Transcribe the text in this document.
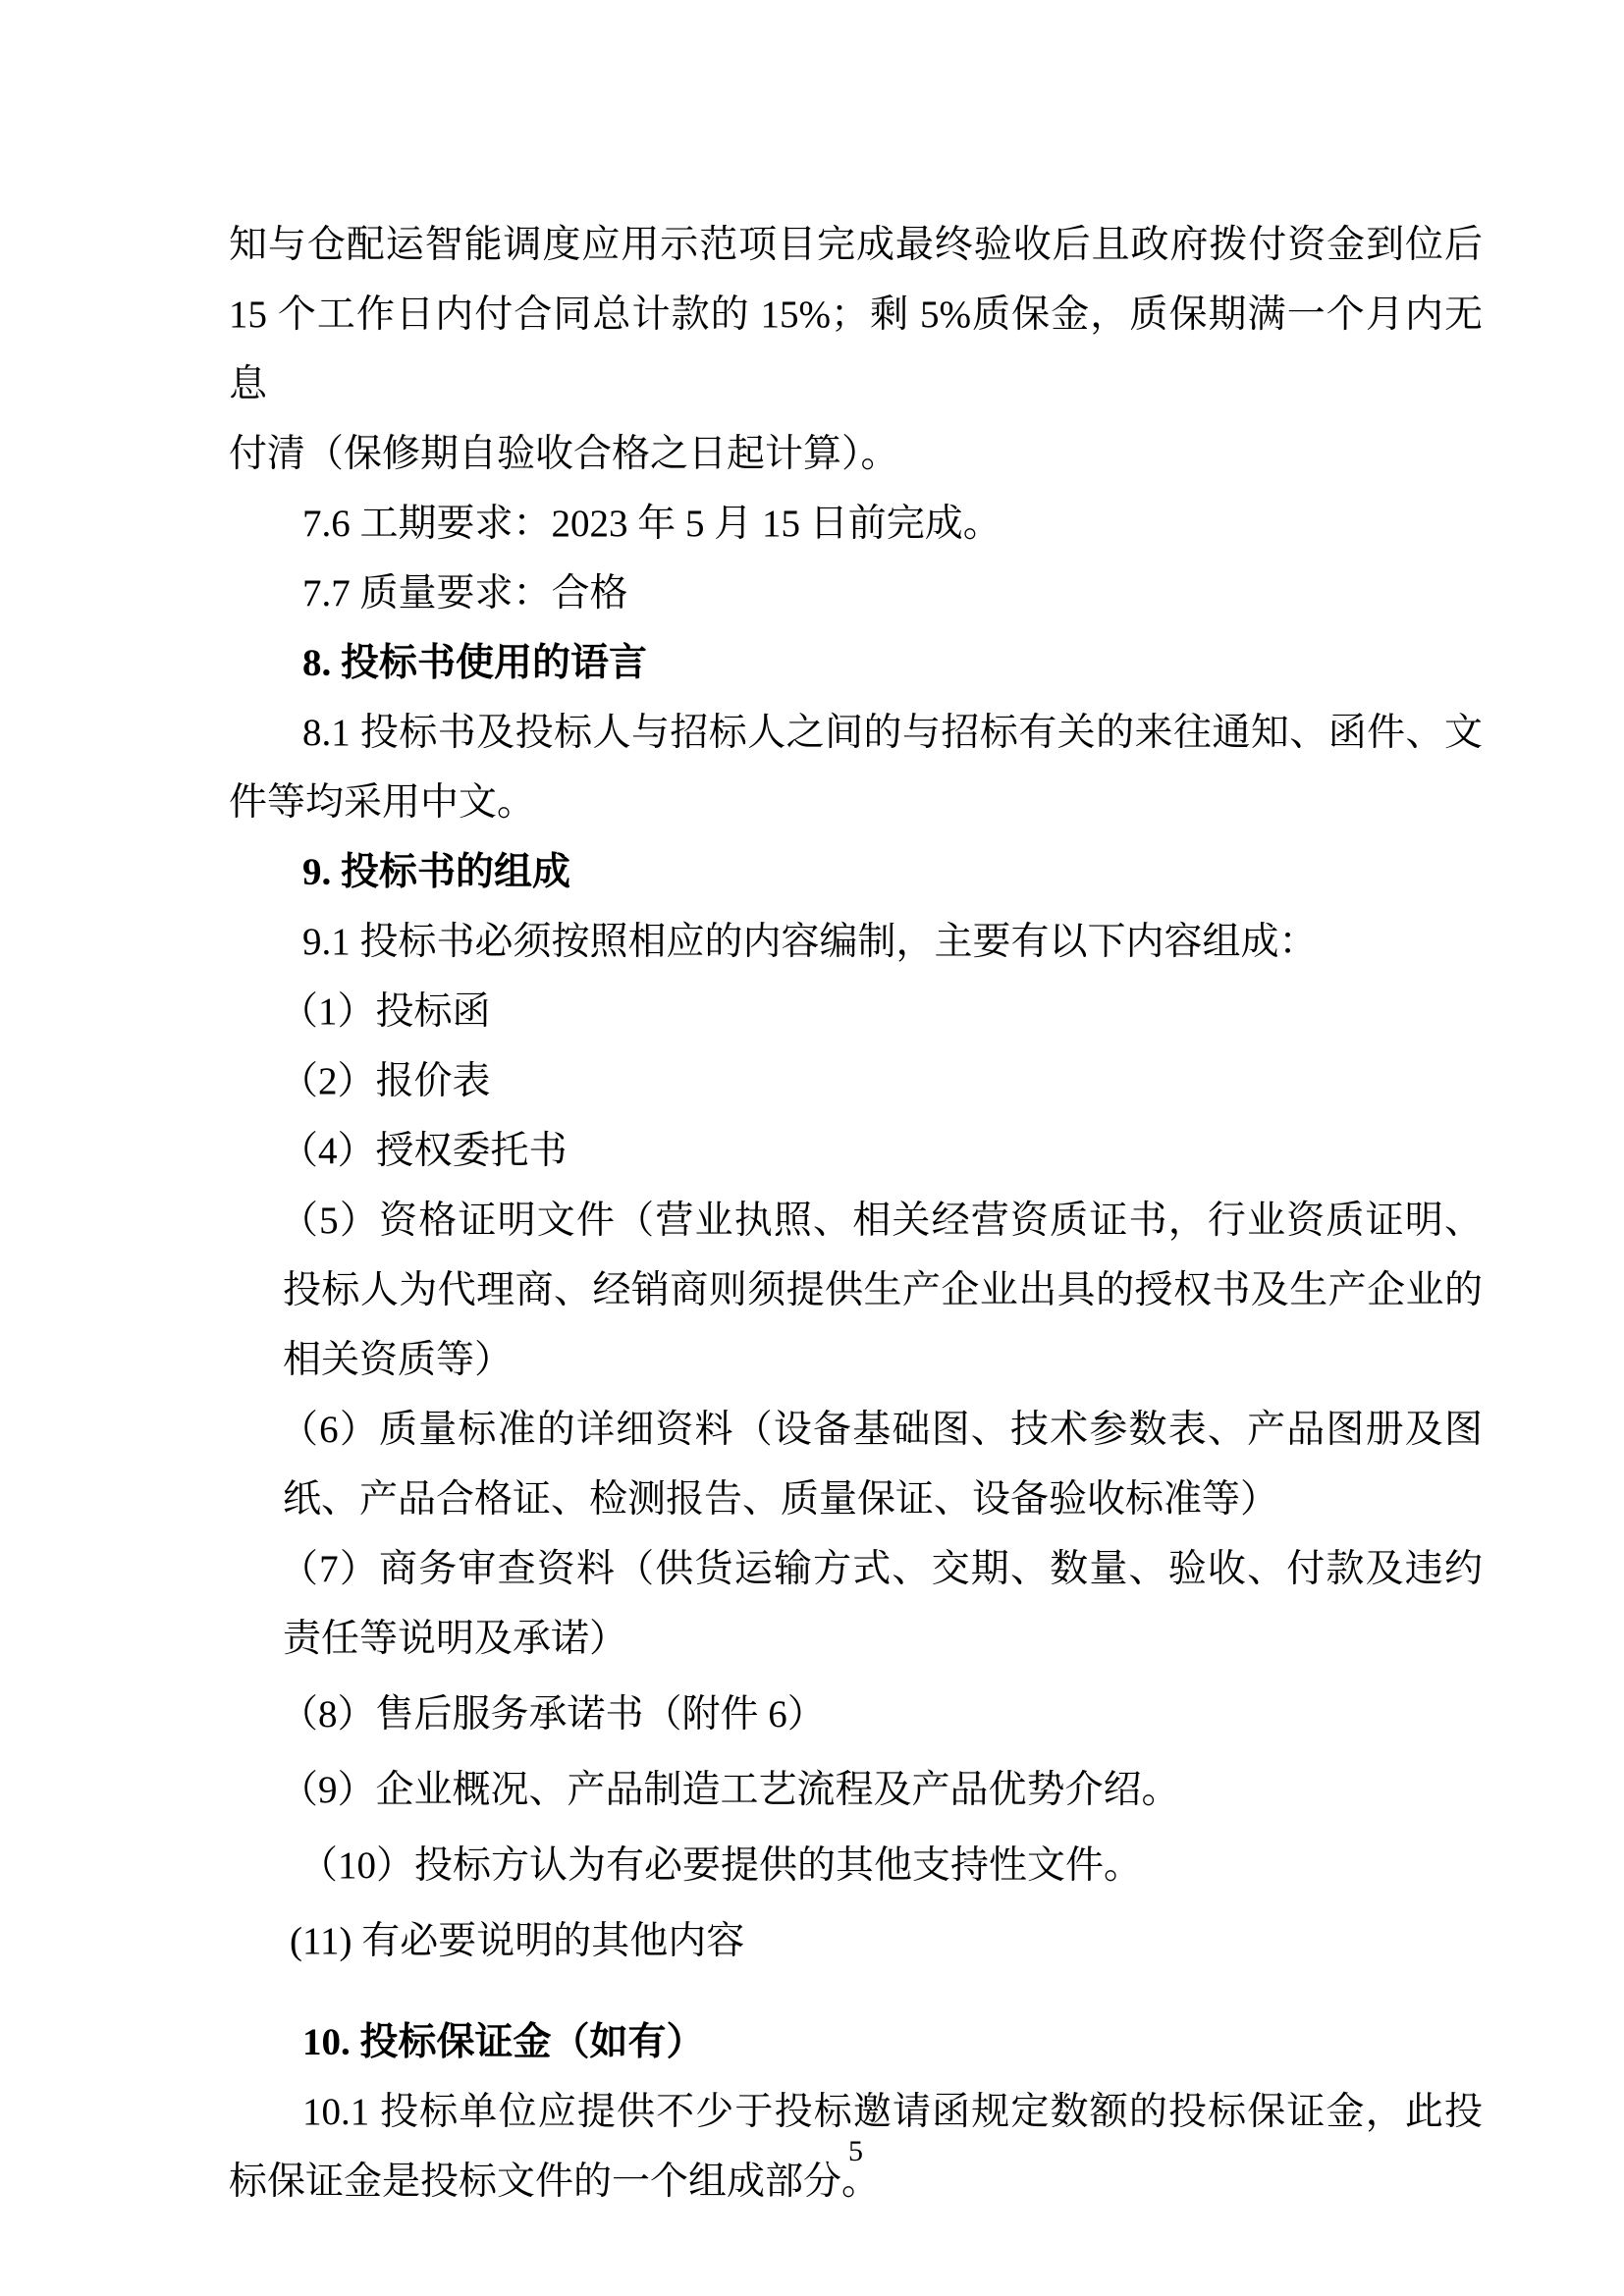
知与仓配运智能调度应用示范项目完成最终验收后且政府拨付资金到位后
15 个工作日内付合同总计款的 15%；剩 5%质保金，质保期满一个月内无息
付清（保修期自验收合格之日起计算）。
7.6 工期要求：2023 年 5 月 15 日前完成。
7.7 质量要求：合格
8. 投标书使用的语言
8.1 投标书及投标人与招标人之间的与招标有关的来往通知、函件、文
件等均采用中文。
9. 投标书的组成
9.1 投标书必须按照相应的内容编制，主要有以下内容组成：
（1）投标函
（2）报价表
（4）授权委托书
（5）资格证明文件（营业执照、相关经营资质证书，行业资质证明、
投标人为代理商、经销商则须提供生产企业出具的授权书及生产企业的
相关资质等）
（6）质量标准的详细资料（设备基础图、技术参数表、产品图册及图
纸、产品合格证、检测报告、质量保证、设备验收标准等）
（7）商务审查资料（供货运输方式、交期、数量、验收、付款及违约
责任等说明及承诺）
（8）售后服务承诺书（附件 6）
（9）企业概况、产品制造工艺流程及产品优势介绍。
（10）投标方认为有必要提供的其他支持性文件。
(11) 有必要说明的其他内容
10. 投标保证金（如有）
10.1 投标单位应提供不少于投标邀请函规定数额的投标保证金，此投
标保证金是投标文件的一个组成部分。
5
